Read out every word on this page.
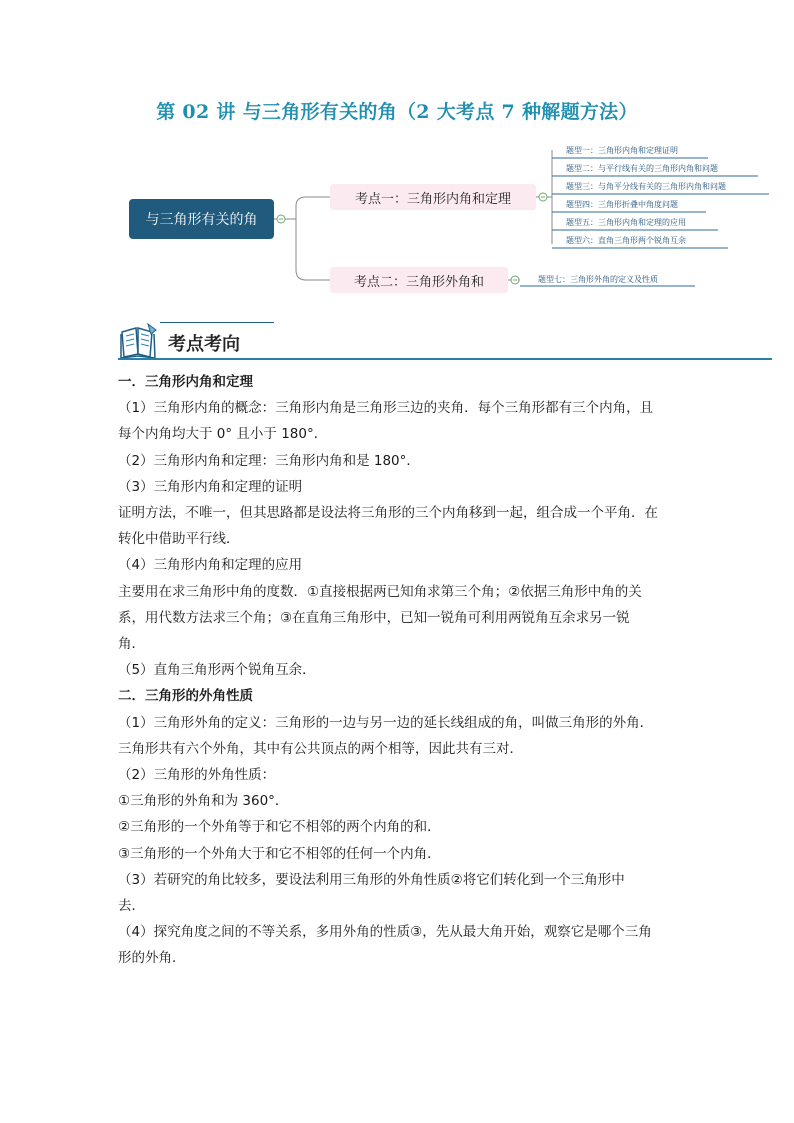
第 02 讲 与三角形有关的角（2 大考点 7 种解题方法）
与三角形有关的角
考点一：三角形内角和定理
考点二：三角形外角和
题型一：三角形内角和定理证明
题型二：与平行线有关的三角形内角和问题
题型三：与角平分线有关的三角形内角和问题
题型四：三角形折叠中角度问题
题型五：三角形内角和定理的应用
题型六：直角三角形两个锐角互余
题型七：三角形外角的定义及性质
考点考向

一．三角形内角和定理

（1）三角形内角的概念：三角形内角是三角形三边的夹角．每个三角形都有三个内角，且

每个内角均大于 0° 且小于 180°．

（2）三角形内角和定理：三角形内角和是 180°．

（3）三角形内角和定理的证明

证明方法，不唯一，但其思路都是设法将三角形的三个内角移到一起，组合成一个平角．在

转化中借助平行线．

（4）三角形内角和定理的应用

主要用在求三角形中角的度数．①直接根据两已知角求第三个角；②依据三角形中角的关

系，用代数方法求三个角；③在直角三角形中，已知一锐角可利用两锐角互余求另一锐

角．

（5）直角三角形两个锐角互余．

二．三角形的外角性质

（1）三角形外角的定义：三角形的一边与另一边的延长线组成的角，叫做三角形的外角．

三角形共有六个外角，其中有公共顶点的两个相等，因此共有三对．

（2）三角形的外角性质：

①三角形的外角和为 360°．

②三角形的一个外角等于和它不相邻的两个内角的和．

③三角形的一个外角大于和它不相邻的任何一个内角．

（3）若研究的角比较多，要设法利用三角形的外角性质②将它们转化到一个三角形中

去．

（4）探究角度之间的不等关系，多用外角的性质③，先从最大角开始，观察它是哪个三角

形的外角．
